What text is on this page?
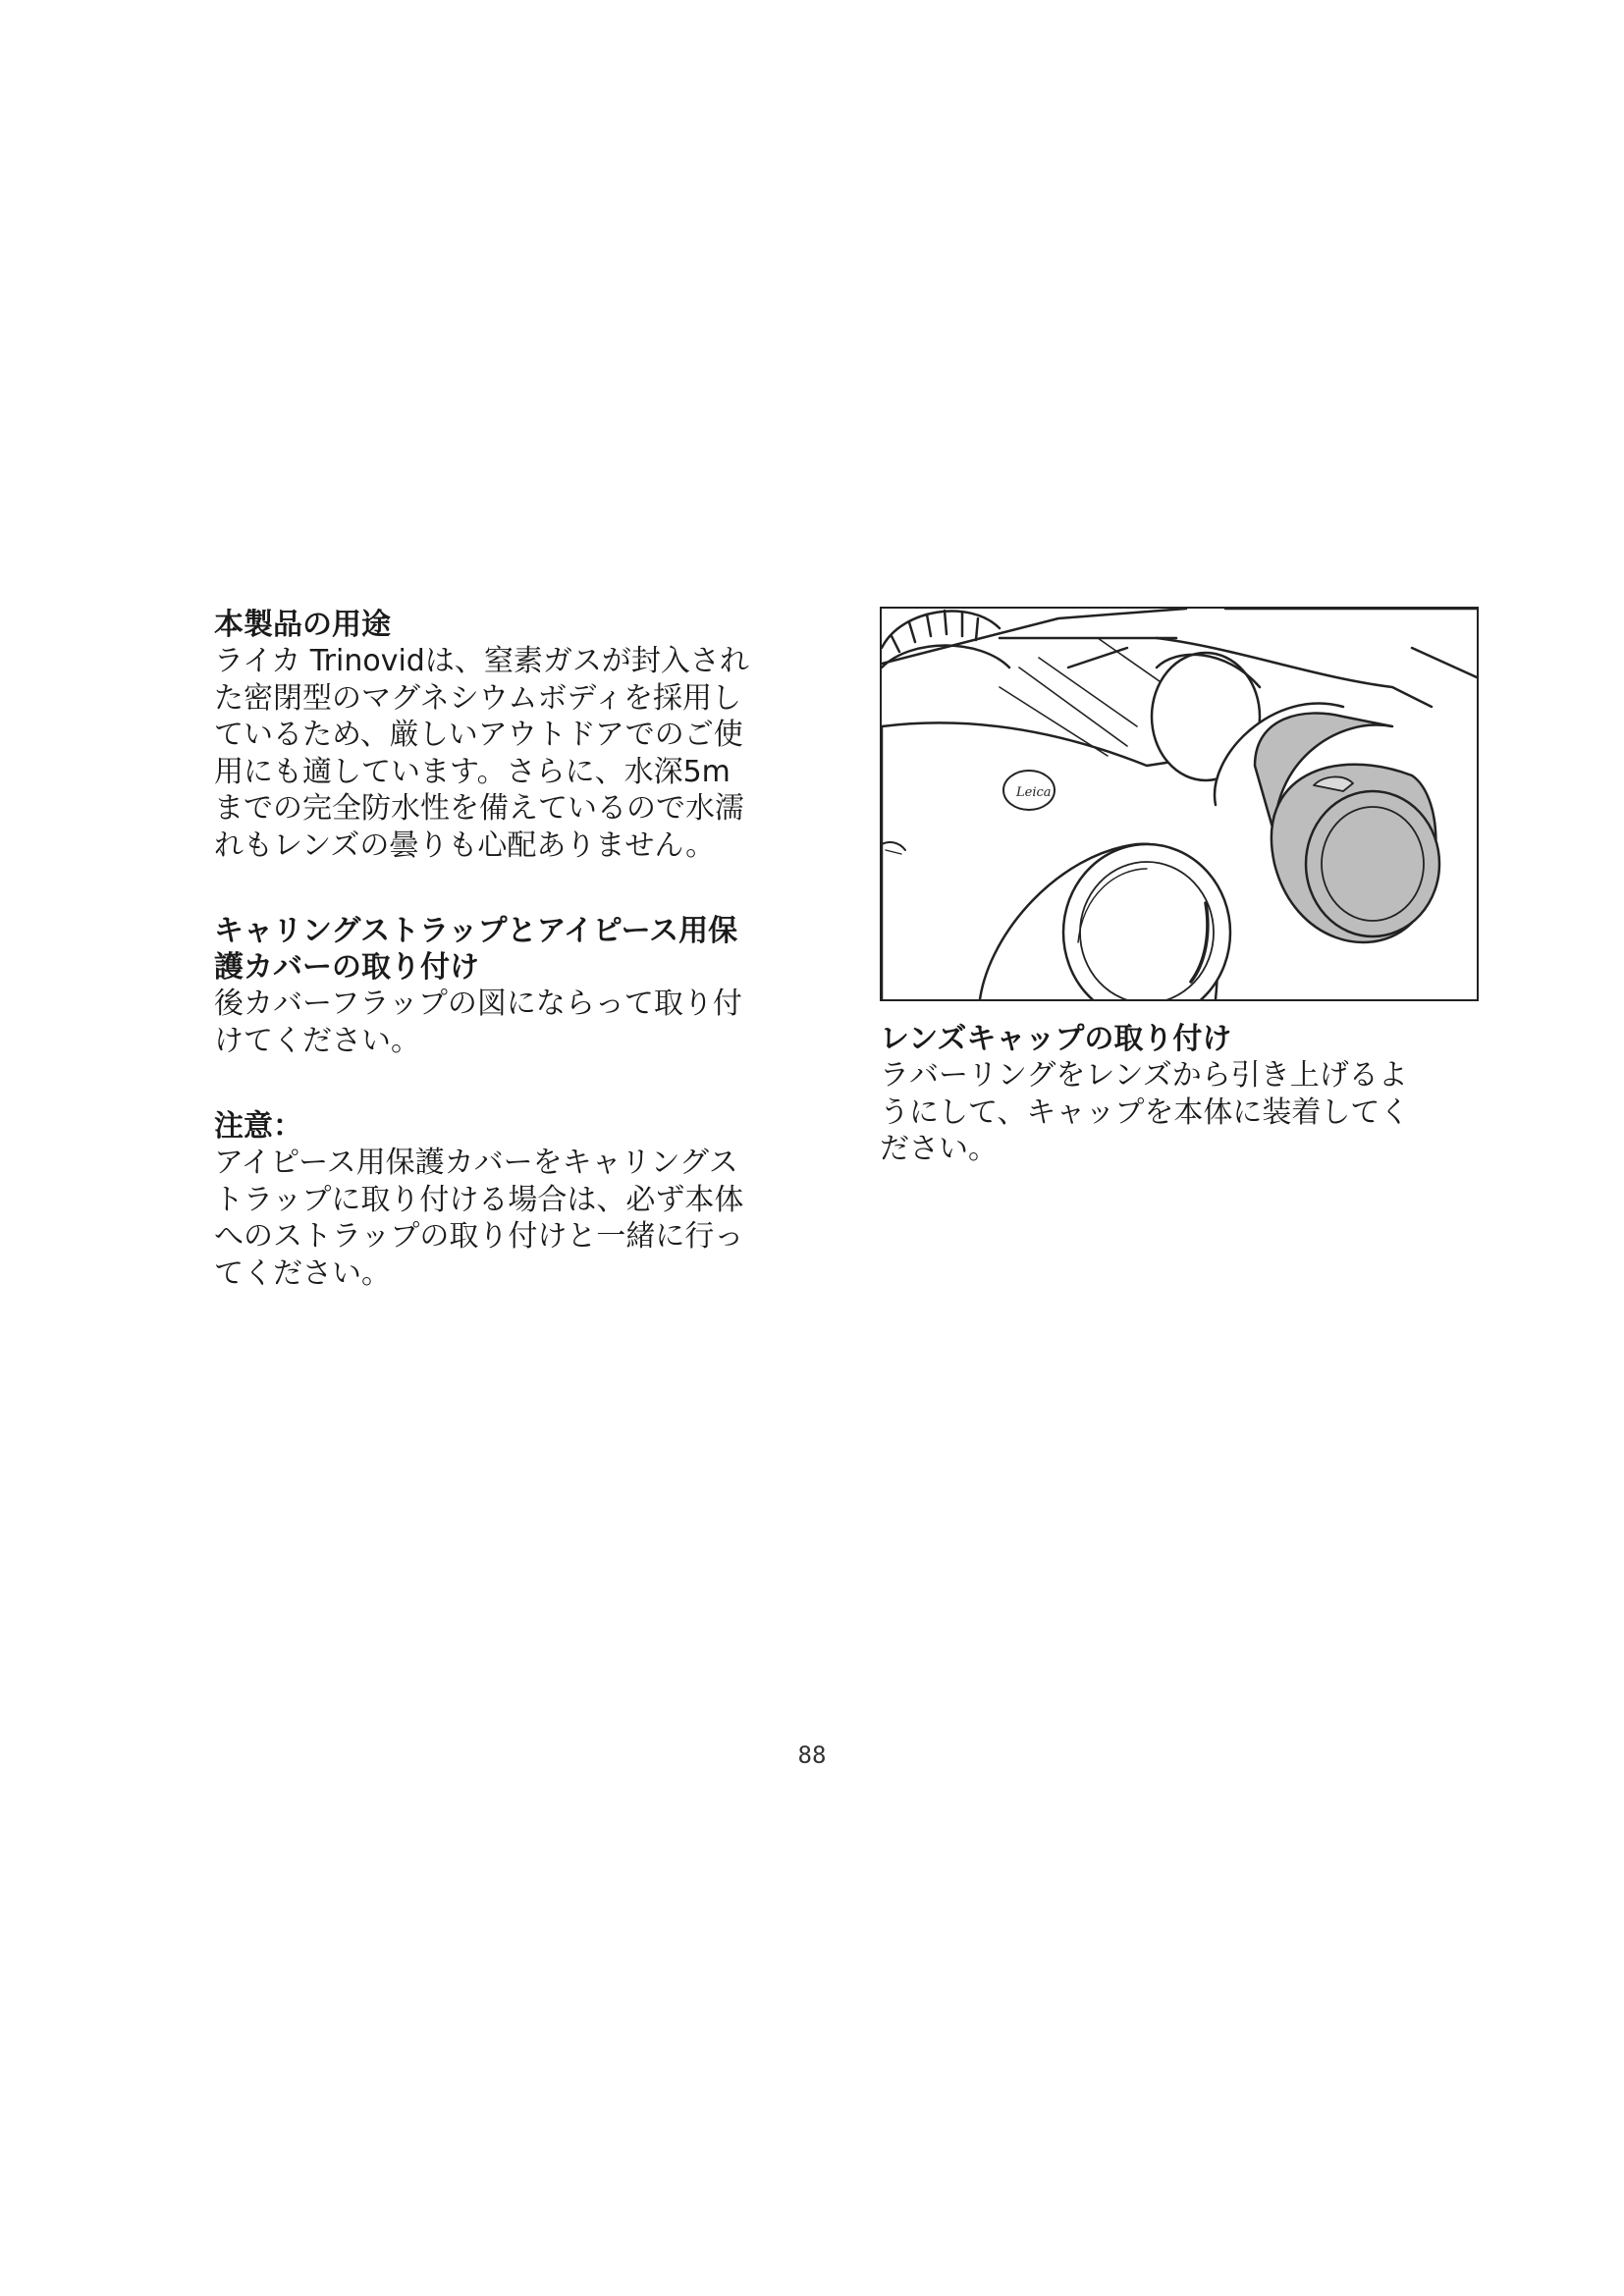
本製品の用途

ライカ Trinovidは、窒素ガスが封入され
た密閉型のマグネシウムボディを採用し
ているため、厳しいアウトドアでのご使
用にも適しています。さらに、水深5m
までの完全防水性を備えているので水濡
れもレンズの曇りも心配ありません。

キャリングストラップとアイピース用保
護カバーの取り付け

後カバーフラップの図にならって取り付
けてください。

注意：

アイピース用保護カバーをキャリングス
トラップに取り付ける場合は、必ず本体
へのストラップの取り付けと一緒に行っ
てください。

Leica

レンズキャップの取り付け

ラバーリングをレンズから引き上げるよ
うにして、キャップを本体に装着してく
ださい。

88
